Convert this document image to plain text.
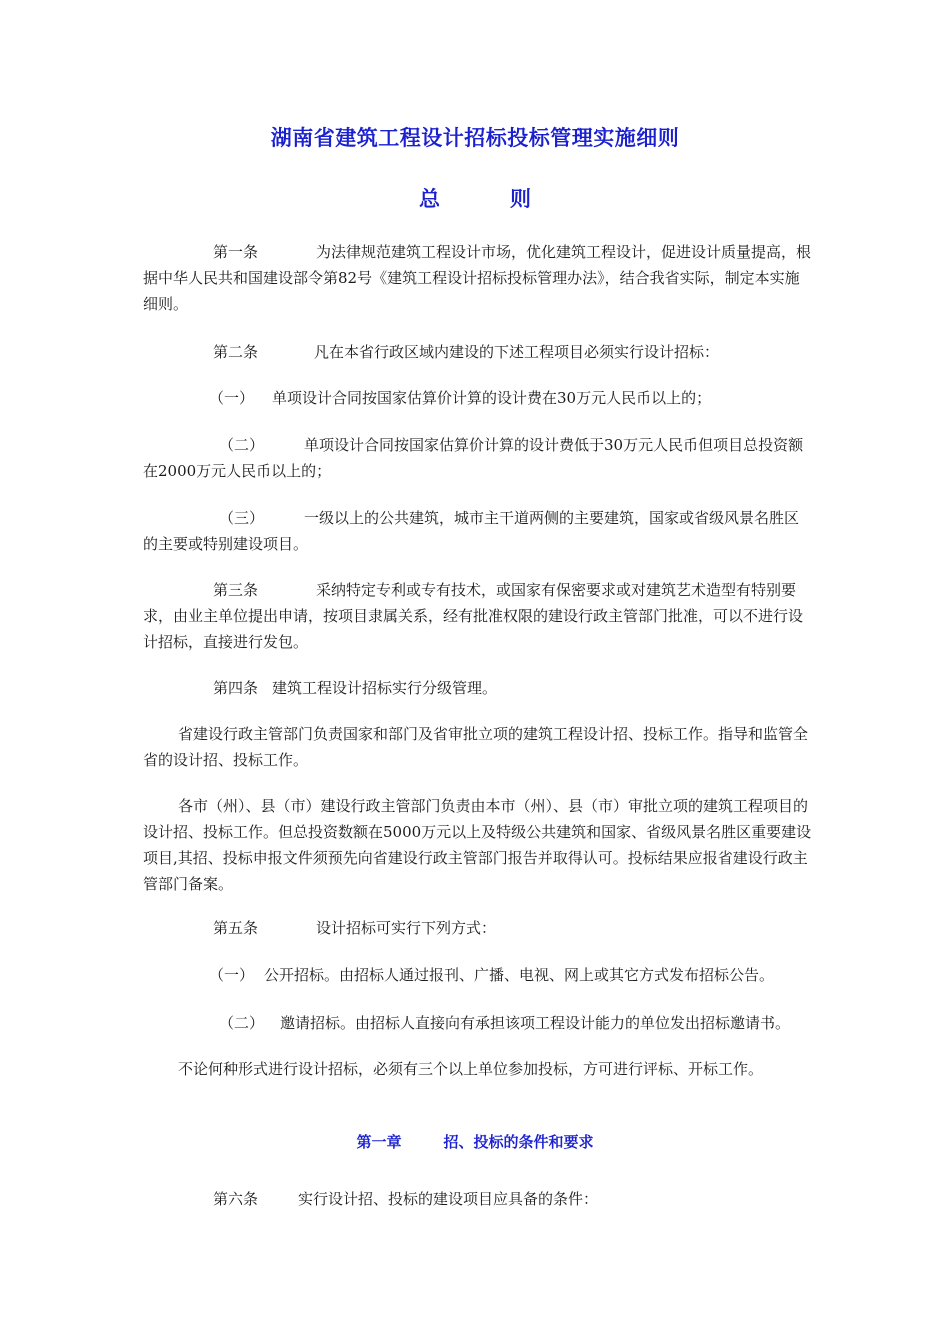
湖南省建筑工程设计招标投标管理实施细则
总	则
第一条	为法律规范建筑工程设计市场，优化建筑工程设计，促进设计质量提高，根据中华人民共和国建设部令第82号《建筑工程设计招标投标管理办法》，结合我省实际，制定本实施细则。
第二条	凡在本省行政区域内建设的下述工程项目必须实行设计招标：
（一） 单项设计合同按国家估算价计算的设计费在30万元人民币以上的；
（二）	单项设计合同按国家估算价计算的设计费低于30万元人民币但项目总投资额在2000万元人民币以上的；
（三）	一级以上的公共建筑，城市主干道两侧的主要建筑，国家或省级风景名胜区的主要或特别建设项目。
第三条	采纳特定专利或专有技术，或国家有保密要求或对建筑艺术造型有特别要求，由业主单位提出申请，按项目隶属关系，经有批准权限的建设行政主管部门批准，可以不进行设计招标，直接进行发包。
第四条 建筑工程设计招标实行分级管理。
省建设行政主管部门负责国家和部门及省审批立项的建筑工程设计招、投标工作。指导和监管全省的设计招、投标工作。
各市（州）、县（市）建设行政主管部门负责由本市（州）、县（市）审批立项的建筑工程项目的设计招、投标工作。但总投资数额在5000万元以上及特级公共建筑和国家、省级风景名胜区重要建设项目,其招、投标申报文件须预先向省建设行政主管部门报告并取得认可。投标结果应报省建设行政主管部门备案。
第五条	设计招标可实行下列方式：
（一） 公开招标。由招标人通过报刊、广播、电视、网上或其它方式发布招标公告。
（二） 邀请招标。由招标人直接向有承担该项工程设计能力的单位发出招标邀请书。
不论何种形式进行设计招标，必须有三个以上单位参加投标，方可进行评标、开标工作。
第一章	招、投标的条件和要求
第六条	实行设计招、投标的建设项目应具备的条件：
